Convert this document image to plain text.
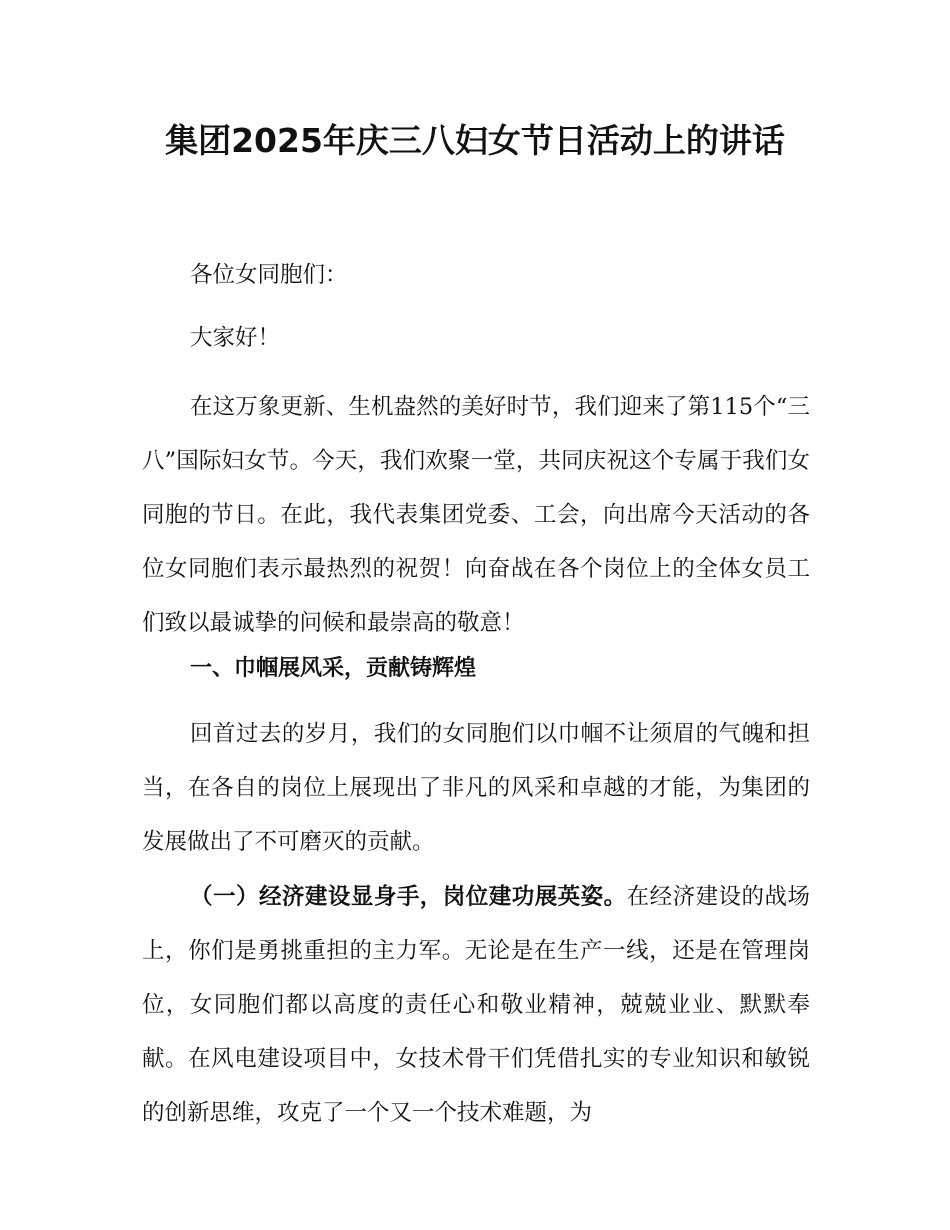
集团2025年庆三八妇女节日活动上的讲话

各位女同胞们：

大家好！

在这万象更新、生机盎然的美好时节，我们迎来了第115个“三八”国际妇女节。今天，我们欢聚一堂，共同庆祝这个专属于我们女同胞的节日。在此，我代表集团党委、工会，向出席今天活动的各位女同胞们表示最热烈的祝贺！向奋战在各个岗位上的全体女员工们致以最诚挚的问候和最崇高的敬意！

一、巾帼展风采，贡献铸辉煌

回首过去的岁月，我们的女同胞们以巾帼不让须眉的气魄和担当，在各自的岗位上展现出了非凡的风采和卓越的才能，为集团的发展做出了不可磨灭的贡献。

（一）经济建设显身手，岗位建功展英姿。在经济建设的战场上，你们是勇挑重担的主力军。无论是在生产一线，还是在管理岗位，女同胞们都以高度的责任心和敬业精神，兢兢业业、默默奉献。在风电建设项目中，女技术骨干们凭借扎实的专业知识和敏锐的创新思维，攻克了一个又一个技术难题，为
